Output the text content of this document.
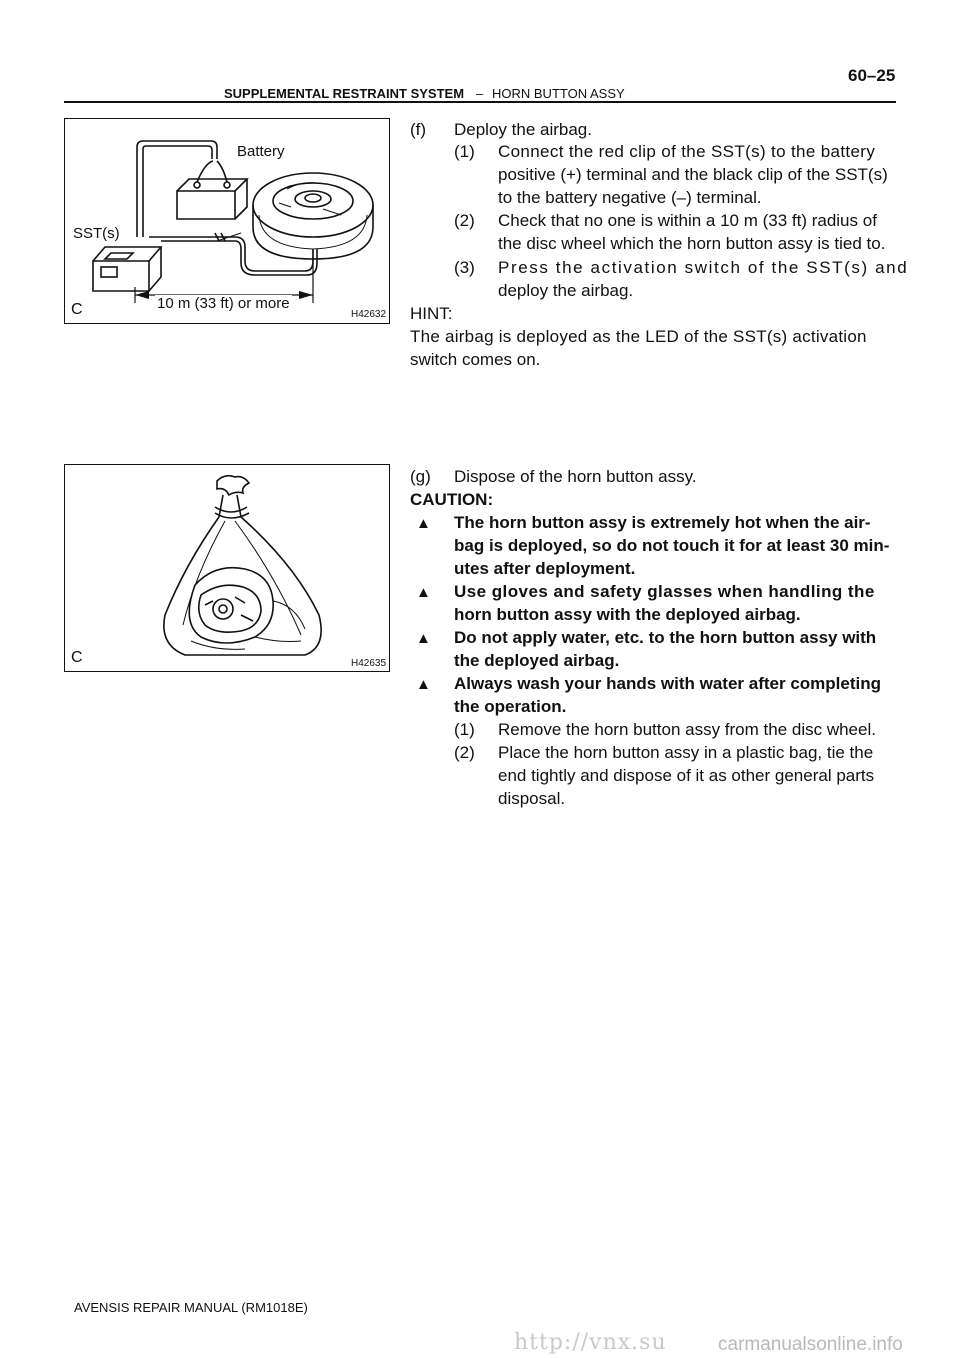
SUPPLEMENTAL RESTRAINT SYSTEM – HORN BUTTON ASSY
60–25
Battery
SST(s)
10 m (33 ft) or more
C	H42632
C	H42635
(f) Deploy the airbag.
(1) Connect the red clip of the SST(s) to the battery
positive (+) terminal and the black clip of the SST(s)
to the battery negative (–) terminal.
(2) Check that no one is within a 10 m (33 ft) radius of
the disc wheel which the horn button assy is tied to.
(3) Press the activation switch of the SST(s) and
deploy the airbag.
HINT:
The airbag is deployed as the LED of the SST(s) activation
switch comes on.
(g) Dispose of the horn button assy.
CAUTION:
▲ The horn button assy is extremely hot when the air-
bag is deployed, so do not touch it for at least 30 min-
utes after deployment.
▲ Use gloves and safety glasses when handling the
horn button assy with the deployed airbag.
▲ Do not apply water, etc. to the horn button assy with
the deployed airbag.
▲ Always wash your hands with water after completing
the operation.
(1) Remove the horn button assy from the disc wheel.
(2) Place the horn button assy in a plastic bag, tie the
end tightly and dispose of it as other general parts
disposal.
AVENSIS REPAIR MANUAL (RM1018E)
http://vnx.su	carmanualsonline.info
